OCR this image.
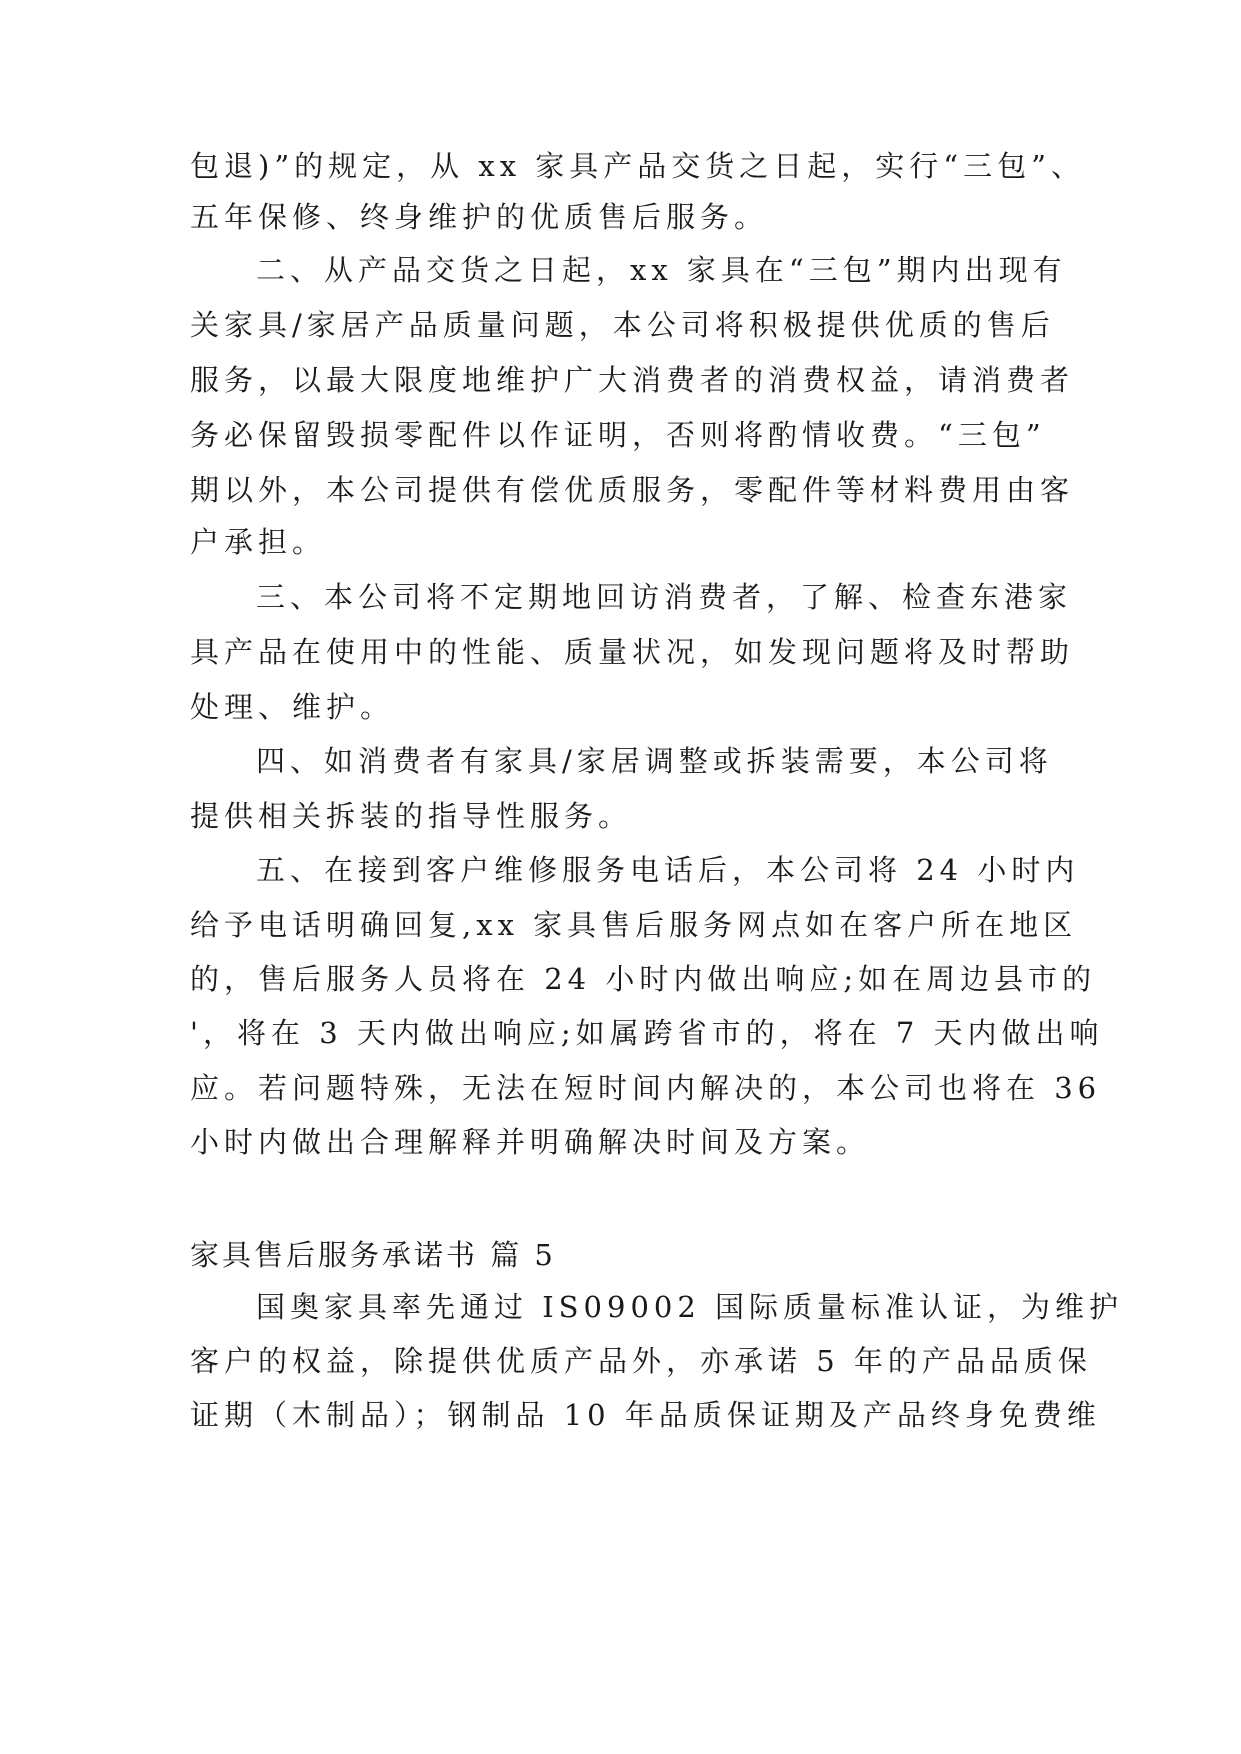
包退)”的规定，从 xx 家具产品交货之日起，实行“三包”、
五年保修、终身维护的优质售后服务。
二、从产品交货之日起，xx 家具在“三包”期内出现有
关家具/家居产品质量问题，本公司将积极提供优质的售后
服务，以最大限度地维护广大消费者的消费权益，请消费者
务必保留毁损零配件以作证明，否则将酌情收费。“三包”
期以外，本公司提供有偿优质服务，零配件等材料费用由客
户承担。
三、本公司将不定期地回访消费者，了解、检查东港家
具产品在使用中的性能、质量状况，如发现问题将及时帮助
处理、维护。
四、如消费者有家具/家居调整或拆装需要，本公司将
提供相关拆装的指导性服务。
五、在接到客户维修服务电话后，本公司将 24 小时内
给予电话明确回复,xx 家具售后服务网点如在客户所在地区
的，售后服务人员将在 24 小时内做出响应;如在周边县市的
'，将在 3 天内做出响应;如属跨省市的，将在 7 天内做出响
应。若问题特殊，无法在短时间内解决的，本公司也将在 36
小时内做出合理解释并明确解决时间及方案。
家具售后服务承诺书 篇 5
国奥家具率先通过 IS09002 国际质量标准认证，为维护
客户的权益，除提供优质产品外，亦承诺 5 年的产品品质保
证期（木制品）；钢制品 10 年品质保证期及产品终身免费维
